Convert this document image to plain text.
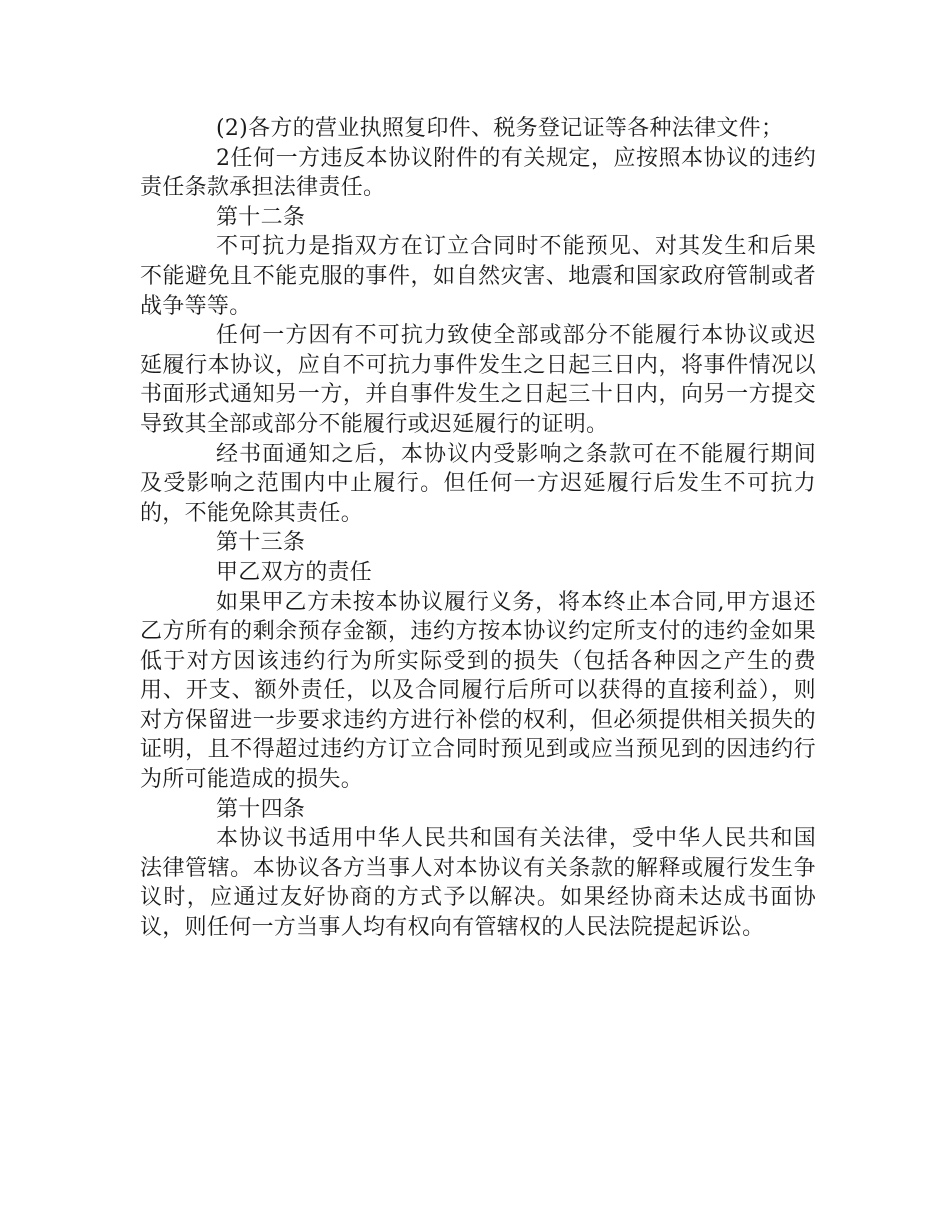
(2)各方的营业执照复印件、税务登记证等各种法律文件；

2任何一方违反本协议附件的有关规定，应按照本协议的违约责任条款承担法律责任。

第十二条

不可抗力是指双方在订立合同时不能预见、对其发生和后果不能避免且不能克服的事件，如自然灾害、地震和国家政府管制或者战争等等。

任何一方因有不可抗力致使全部或部分不能履行本协议或迟延履行本协议，应自不可抗力事件发生之日起三日内，将事件情况以书面形式通知另一方，并自事件发生之日起三十日内，向另一方提交导致其全部或部分不能履行或迟延履行的证明。

经书面通知之后，本协议内受影响之条款可在不能履行期间及受影响之范围内中止履行。但任何一方迟延履行后发生不可抗力的，不能免除其责任。

第十三条

甲乙双方的责任

如果甲乙方未按本协议履行义务，将本终止本合同,甲方退还乙方所有的剩余预存金额，违约方按本协议约定所支付的违约金如果低于对方因该违约行为所实际受到的损失（包括各种因之产生的费用、开支、额外责任，以及合同履行后所可以获得的直接利益），则对方保留进一步要求违约方进行补偿的权利，但必须提供相关损失的证明，且不得超过违约方订立合同时预见到或应当预见到的因违约行为所可能造成的损失。

第十四条

本协议书适用中华人民共和国有关法律，受中华人民共和国法律管辖。本协议各方当事人对本协议有关条款的解释或履行发生争议时，应通过友好协商的方式予以解决。如果经协商未达成书面协议，则任何一方当事人均有权向有管辖权的人民法院提起诉讼。
